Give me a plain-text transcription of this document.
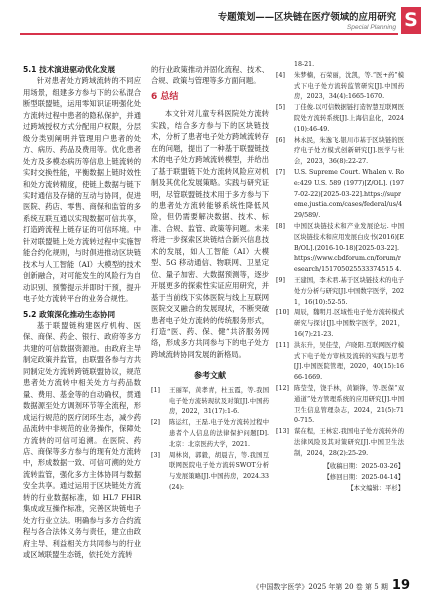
专题策划——区块链在医疗领域的应用研究
Special Planning S

5.1 技术演进驱动优化发展

针对患者处方跨域流转的不同应用场景，组建多方参与下的公私混合断型联盟链，运用零知识证明强化处方流转过程中患者的隐私保护，并通过跨域授权方式分配用户权限，分层级分类别阐明并管理用户患者的处方、病历、药品及费用等。优化患者处方及多模态病历等信息上链流转的实时交换性能，平衡数据上链时效性和处方流转精度，使链上数据与链下实时通信及存储的互动与协同，促进医院、药店、零售、商保和监管的多系统互联互通以实现数据可信共享，打造跨流程上链存证的可信环境。中针对联盟链上处方流转过程中实施智能合约化规则，与时俱进推动区块链技术与人工智能（AI）大模型的技术创新融合，对可能发生的风险行为自动识别、预警提示并即时干预，提升电子处方流转平台的业务合规性。

5.2 政策深化推动生态协同

基于联盟链构建医疗机构、医保、商保、药企、银行、政府等多方共建的可信数据资源池。由政府主导制定政策并监管，由联盟各参与方共同制定处方流转跨链联盟协议，规范患者处方流转中相关处方与药品数量、费用、基金等的自动确权，贯通数据源至处方调剂环节等全流程，形成运行规范的医疗闭环生态，减少药品流转中非规范的业务操作，保障处方流转的可信可追溯。在医院、药店、商保等多方参与的现有处方流转中，形成数据一致、可信可溯的处方流转监管，强化多方主体协同与数据安全共享。通过运用于区块链处方流转的行业数据标准，如 HL7 FHIR 集成或互操作标准，完善区块链电子处方行业立法。明确参与多方合约流程与各合法体义务与责任，建立由政府主导、利益相关方共同参与的行业或区域联盟生态链，依托处方流转

的行业政策推动并固化流程、技术、合规、政策与管理等多方面问题。

6 总结

本文针对儿童专科医院处方流转实践，结合多方参与下的区块链技术，分析了患者电子处方跨域流转存在的问题，提出了一种基于联盟链技术的电子处方跨域流转模型，并给出了基于联盟链下处方流转风险应对机制及其优化发展策略。实践与研究证明，尽管联盟链技术用于多方参与下的患者处方流转能够系统性降低风险，但仍需要解决数据、技术、标准、合规、监管、政策等问题。未来将进一步探索区块链结合新兴信息技术的发展，如人工智能（AI）大模型、5G 移动通信、物联网、卫星定位、量子加密、大数据预测等，逐步开展更多的探索性实证应用研究，并基于当前线下实体医院与线上互联网医院交叉融合的发展现状，不断突破患者电子处方流转的传统服务形式，打造“医、药、保、健”共济服务网络，形成多方共同参与下的电子处方跨域流转协同发展的新格局。

参考文献
[1]	王丽军，黄孝青，杜玉霞，等.我国电子处方流转现状及对策[J].中国药房，2022，31(17):1-6.
[2]	陈运红，王磊.电子处方流转过程中患者个人信息的法律保护问题[D].北京：北京医药大学，2021.
[3]	周林岗，郭毅，胡晨吉，等.我国互联网医院电子处方流转SWOT分析与发展策略[J].中国药房，2024.33(24):
18-21.
[4]	朱梦楠，石荣丽，沈凯，等.“医+药”模式下电子处方流转监管研究[J].中国药房，2023，34(4):1665-1670.
[5]	丁佳俊.以可信数据链打造智慧互联网医院处方流转系统[J].上海信息化，2024(10):46-49.
[6]	林永民，朱逸飞.银川市基于区块链的医疗电子处方模式创新研究[J].医学与社会，2023，36(8):22-27.
[7]	U.S. Supreme Court. Whalen v. Roe:429 U.S. 589 (1977)[Z/OL]. (1977-02-22)[2025-03-22].https://supreme.justia.com/cases/federal/us/429/589/.
[8]	中国区块链技术和产业发展论坛. 中国区块链技术和应用发展白皮书(2016)[EB/OL].(2016-10-18)[2025-03-22]. https://www.cbdforum.cn/forum/research/151705025533374515 4.
[9]	王建国，李术君.基于区块链技术的电子处方分析与研究[J].中国数字医学，2021，16(10):52-55.
[10] 周辰，魏明月.区域性电子处方流转模式研究与探讨[J].中国数字医学，2021，16(7):21-23.
[11] 洪东升，吴佳莹，卢晓阳.互联网医疗模式下电子处方审核及流转的实践与思考[J].中国医院管理，2020，40(15):1666-1669.
[12] 陈莹莹，饶手林，黄颖锋，等.医保“双通道”处方管理系统的应用研究[J].中国卫生信息管理杂志，2024，21(5):710-715.
[13] 谋在程，王林宏.我国电子处方流转外的法律风险及其对策研究[J].中国卫生法制，2024，28(2):25-29.
【收稿日期：2025-03-26】
【修回日期：2025-04-14】
【本文编辑：平杉】
《中国数字医学》2025 年第 20 卷 第 5 期 19
